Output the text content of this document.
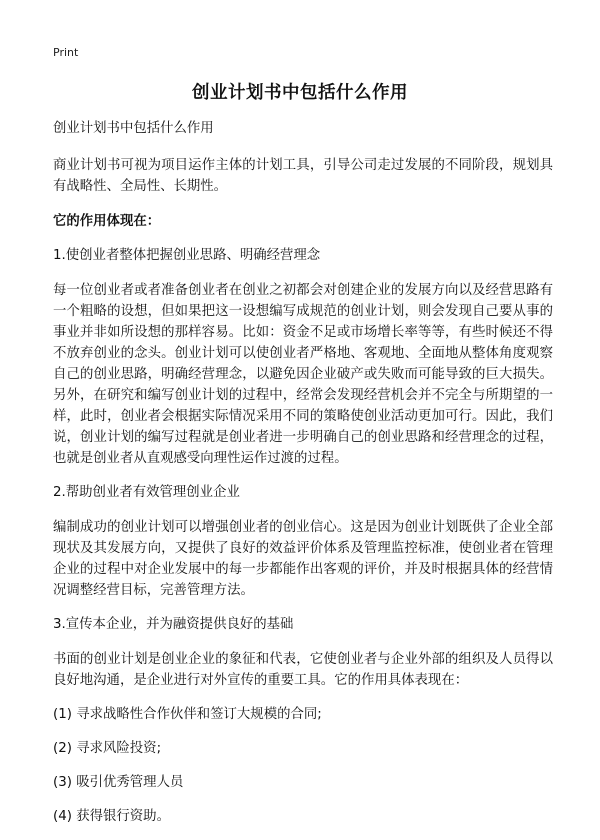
Print
创业计划书中包括什么作用

创业计划书中包括什么作用

商业计划书可视为项目运作主体的计划工具，引导公司走过发展的不同阶段，规划具有战略性、全局性、长期性。

它的作用体现在：

1.使创业者整体把握创业思路、明确经营理念

每一位创业者或者准备创业者在创业之初都会对创建企业的发展方向以及经营思路有一个粗略的设想，但如果把这一设想编写成规范的创业计划，则会发现自己要从事的事业并非如所设想的那样容易。比如：资金不足或市场增长率等等，有些时候还不得不放弃创业的念头。创业计划可以使创业者严格地、客观地、全面地从整体角度观察自己的创业思路，明确经营理念，以避免因企业破产或失败而可能导致的巨大损失。另外，在研究和编写创业计划的过程中，经常会发现经营机会并不完全与所期望的一样，此时，创业者会根据实际情况采用不同的策略使创业活动更加可行。因此，我们说，创业计划的编写过程就是创业者进一步明确自己的创业思路和经营理念的过程，也就是创业者从直观感受向理性运作过渡的过程。

2.帮助创业者有效管理创业企业

编制成功的创业计划可以增强创业者的创业信心。这是因为创业计划既供了企业全部现状及其发展方向，又提供了良好的效益评价体系及管理监控标准，使创业者在管理企业的过程中对企业发展中的每一步都能作出客观的评价，并及时根据具体的经营情况调整经营目标，完善管理方法。

3.宣传本企业，并为融资提供良好的基础

书面的创业计划是创业企业的象征和代表，它使创业者与企业外部的组织及人员得以良好地沟通，是企业进行对外宣传的重要工具。它的作用具体表现在：

(1) 寻求战略性合作伙伴和签订大规模的合同;

(2) 寻求风险投资;

(3) 吸引优秀管理人员

(4) 获得银行资助。
